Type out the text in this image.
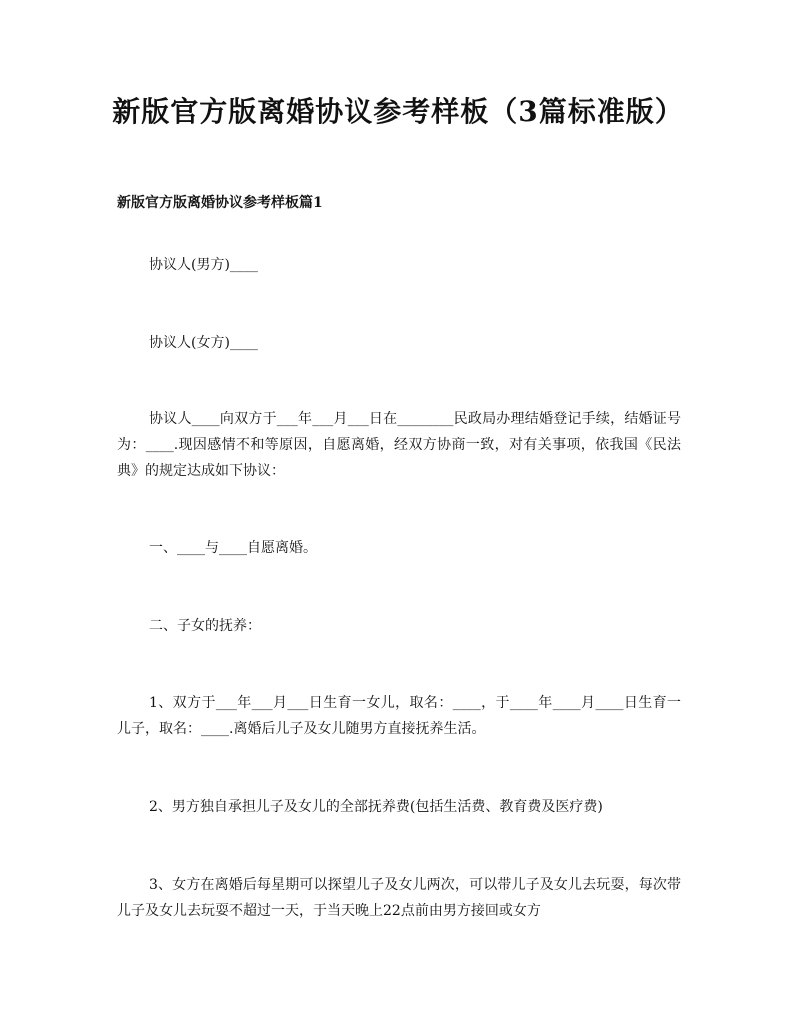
新版官方版离婚协议参考样板（3篇标准版）
新版官方版离婚协议参考样板篇1

协议人(男方)____

协议人(女方)____

协议人____向双方于___年___月___日在________民政局办理结婚登记手续，结婚证号为：____.现因感情不和等原因，自愿离婚，经双方协商一致，对有关事项，依我国《民法典》的规定达成如下协议：

一、____与____自愿离婚。

二、子女的抚养：

1、双方于___年___月___日生育一女儿，取名：____，于____年____月____日生育一儿子，取名：____.离婚后儿子及女儿随男方直接抚养生活。

2、男方独自承担儿子及女儿的全部抚养费(包括生活费、教育费及医疗费)

3、女方在离婚后每星期可以探望儿子及女儿两次，可以带儿子及女儿去玩耍，每次带儿子及女儿去玩耍不超过一天，于当天晚上22点前由男方接回或女方
